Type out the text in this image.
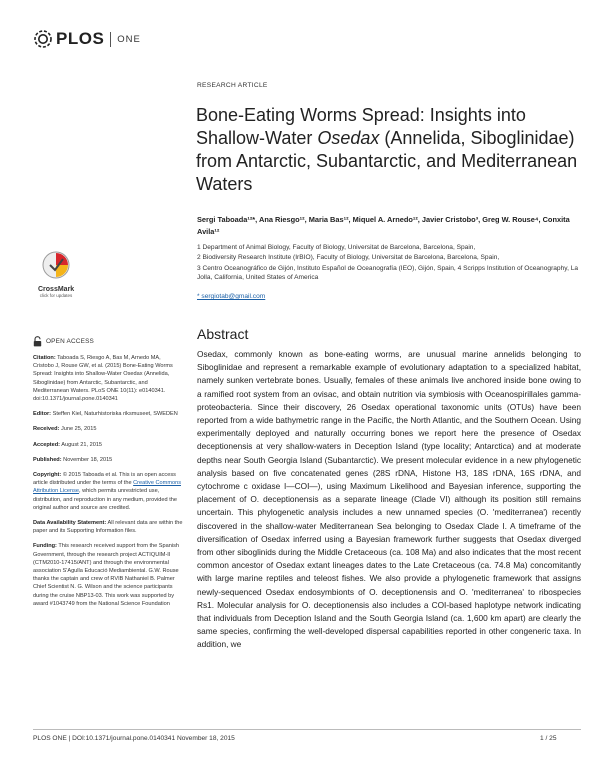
PLOS ONE
RESEARCH ARTICLE
Bone-Eating Worms Spread: Insights into Shallow-Water Osedax (Annelida, Siboglinidae) from Antarctic, Subantarctic, and Mediterranean Waters
Sergi Taboada¹²*, Ana Riesgo¹², Maria Bas¹², Miquel A. Arnedo¹², Javier Cristobo³, Greg W. Rouse⁴, Conxita Avila¹²
1 Department of Animal Biology, Faculty of Biology, Universitat de Barcelona, Barcelona, Spain,
2 Biodiversity Research Institute (IrBIO), Faculty of Biology, Universitat de Barcelona, Barcelona, Spain,
3 Centro Oceanográfico de Gijón, Instituto Español de Oceanografía (IEO), Gijón, Spain, 4 Scripps Institution of Oceanography, La Jolla, California, United States of America
* sergiotab@gmail.com
CrossMark
click for updates
OPEN ACCESS
Citation: Taboada S, Riesgo A, Bas M, Arnedo MA, Cristobo J, Rouse GW, et al. (2015) Bone-Eating Worms Spread: Insights into Shallow-Water Osedax (Annelida, Siboglinidae) from Antarctic, Subantarctic, and Mediterranean Waters. PLoS ONE 10(11): e0140341. doi:10.1371/journal.pone.0140341
Editor: Steffen Kiel, Naturhistoriska riksmuseet, SWEDEN
Received: June 25, 2015
Accepted: August 21, 2015
Published: November 18, 2015
Copyright: © 2015 Taboada et al. This is an open access article distributed under the terms of the Creative Commons Attribution License, which permits unrestricted use, distribution, and reproduction in any medium, provided the original author and source are credited.
Data Availability Statement: All relevant data are within the paper and its Supporting Information files.
Funding: This research received support from the Spanish Government, through the research project ACTIQUIM-II (CTM2010-17415/ANT) and through the environmental association S'Agulla Educació Mediambiental. G.W. Rouse thanks the captain and crew of RVIB Nathaniel B. Palmer Chief Scientist N. G. Wilson and the science participants during the cruise NBP13-03. This work was supported by award #1043749 from the National Science Foundation
Abstract
Osedax, commonly known as bone-eating worms, are unusual marine annelids belonging to Siboglinidae and represent a remarkable example of evolutionary adaptation to a specialized habitat, namely sunken vertebrate bones. Usually, females of these animals live anchored inside bone owing to a ramified root system from an ovisac, and obtain nutrition via symbiosis with Oceanospirillales gamma-proteobacteria. Since their discovery, 26 Osedax operational taxonomic units (OTUs) have been reported from a wide bathymetric range in the Pacific, the North Atlantic, and the Southern Ocean. Using experimentally deployed and naturally occurring bones we report here the presence of Osedax deceptionensis at very shallow-waters in Deception Island (type locality; Antarctica) and at moderate depths near South Georgia Island (Subantarctic). We present molecular evidence in a new phylogenetic analysis based on five concatenated genes (28S rDNA, Histone H3, 18S rDNA, 16S rDNA, and cytochrome c oxidase I—COI—), using Maximum Likelihood and Bayesian inference, supporting the placement of O. deceptionensis as a separate lineage (Clade VI) although its position still remains uncertain. This phylogenetic analysis includes a new unnamed species (O. 'mediterranea') recently discovered in the shallow-water Mediterranean Sea belonging to Osedax Clade I. A timeframe of the diversification of Osedax inferred using a Bayesian framework further suggests that Osedax diverged from other siboglinids during the Middle Cretaceous (ca. 108 Ma) and also indicates that the most recent common ancestor of Osedax extant lineages dates to the Late Cretaceous (ca. 74.8 Ma) concomitantly with large marine reptiles and teleost fishes. We also provide a phylogenetic framework that assigns newly-sequenced Osedax endosymbionts of O. deceptionensis and O. 'mediterranea' to ribospecies Rs1. Molecular analysis for O. deceptionensis also includes a COI-based haplotype network indicating that individuals from Deception Island and the South Georgia Island (ca. 1,600 km apart) are clearly the same species, confirming the well-developed dispersal capabilities reported in other congeneric taxa. In addition, we
PLOS ONE | DOI:10.1371/journal.pone.0140341 November 18, 2015	1 / 25
